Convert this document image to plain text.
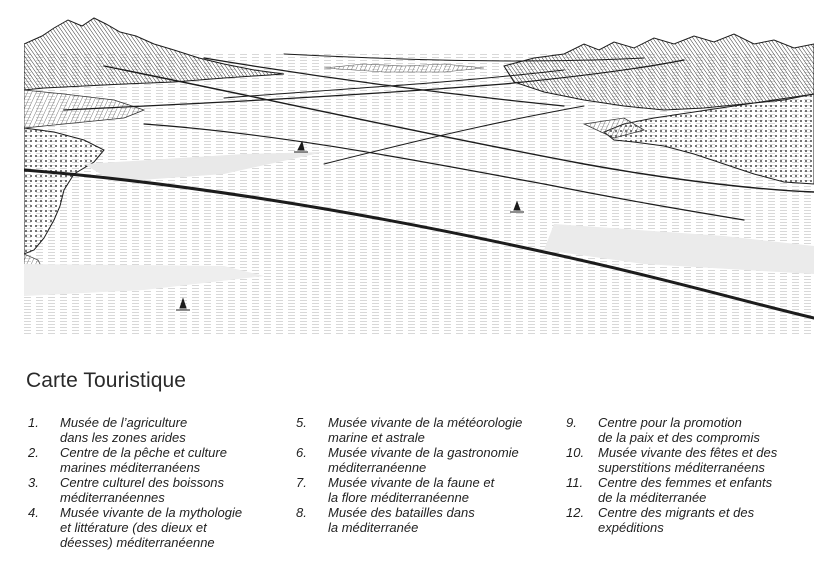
Carte Touristique
1.	Musée de l’agriculture
dans les zones arides
2.	Centre de la pêche et culture
marines méditerranéens
3.	Centre culturel des boissons
méditerranéennes
4.	Musée vivante de la mythologie
et littérature (des dieux et
déesses) méditerranéenne
5.	Musée vivante de la météorologie
marine et astrale
6.	Musée vivante de la gastronomie
méditerranéenne
7.	Musée vivante de la faune et
la flore méditerranéenne
8.	Musée des batailles dans
la méditerranée
9.	Centre pour la promotion
de la paix et des compromis
10.	Musée vivante des fêtes et des
superstitions méditerranéens
11.	Centre des femmes et enfants
de la méditerranée
12.	Centre des migrants et des
expéditions
